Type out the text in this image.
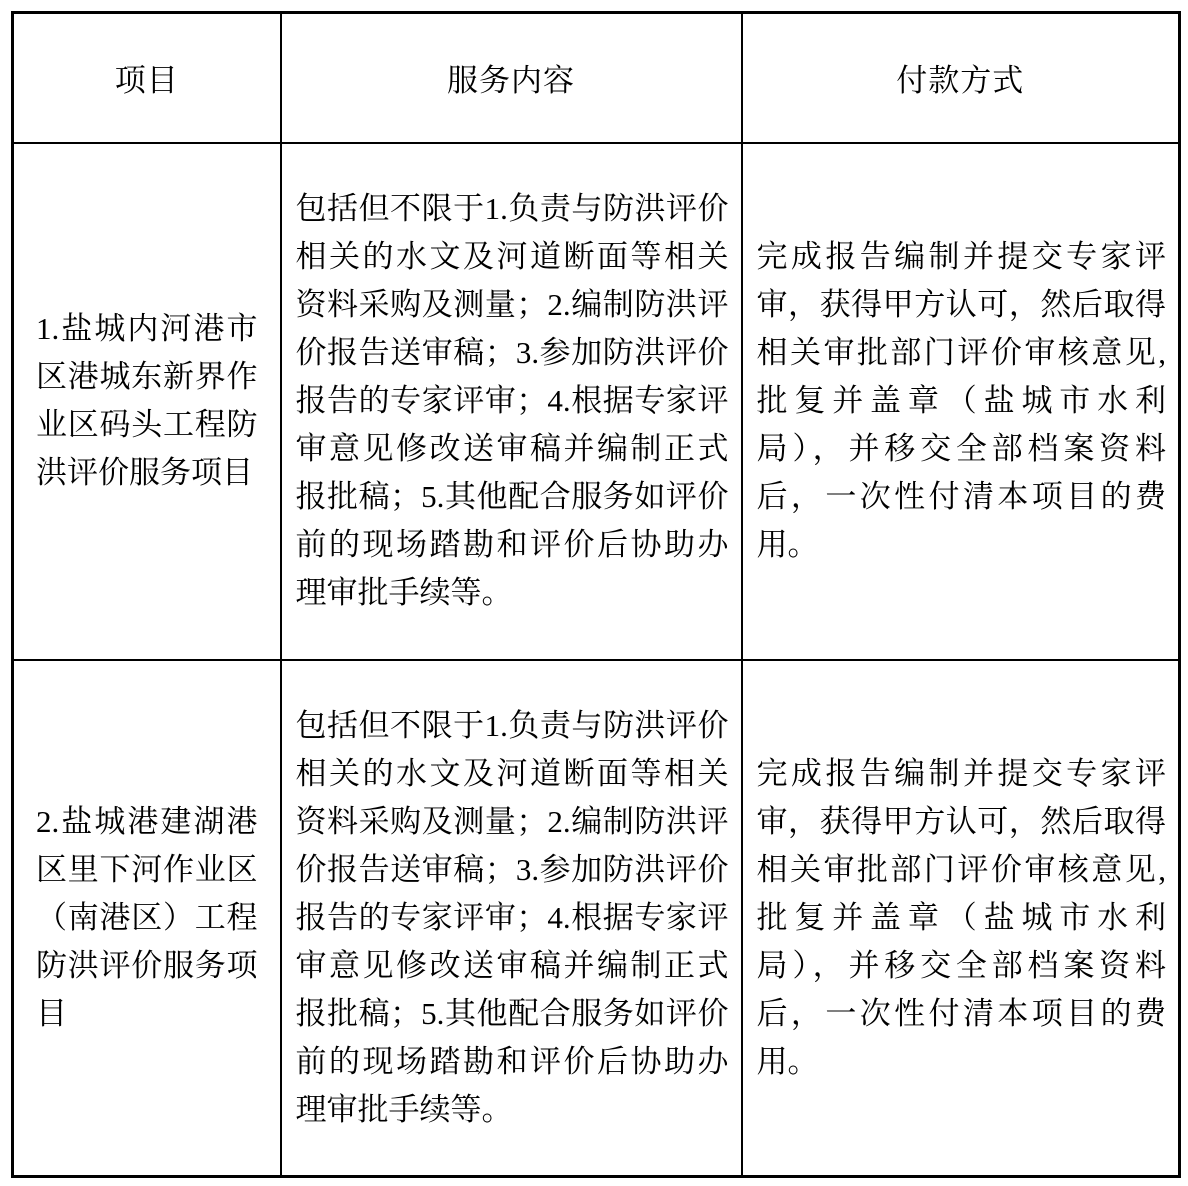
项目	服务内容	付款方式
1.盐城内河港市区港城东新界作业区码头工程防洪评价服务项目	包括但不限于1.负责与防洪评价相关的水文及河道断面等相关资料采购及测量；2.编制防洪评价报告送审稿；3.参加防洪评价报告的专家评审；4.根据专家评审意见修改送审稿并编制正式报批稿；5.其他配合服务如评价前的现场踏勘和评价后协助办理审批手续等。	完成报告编制并提交专家评审，获得甲方认可，然后取得相关审批部门评价审核意见,批复并盖章（盐城市水利局），并移交全部档案资料后，一次性付清本项目的费用。
2.盐城港建湖港区里下河作业区（南港区）工程防洪评价服务项目	包括但不限于1.负责与防洪评价相关的水文及河道断面等相关资料采购及测量；2.编制防洪评价报告送审稿；3.参加防洪评价报告的专家评审；4.根据专家评审意见修改送审稿并编制正式报批稿；5.其他配合服务如评价前的现场踏勘和评价后协助办理审批手续等。	完成报告编制并提交专家评审，获得甲方认可，然后取得相关审批部门评价审核意见,批复并盖章（盐城市水利局），并移交全部档案资料后，一次性付清本项目的费用。
